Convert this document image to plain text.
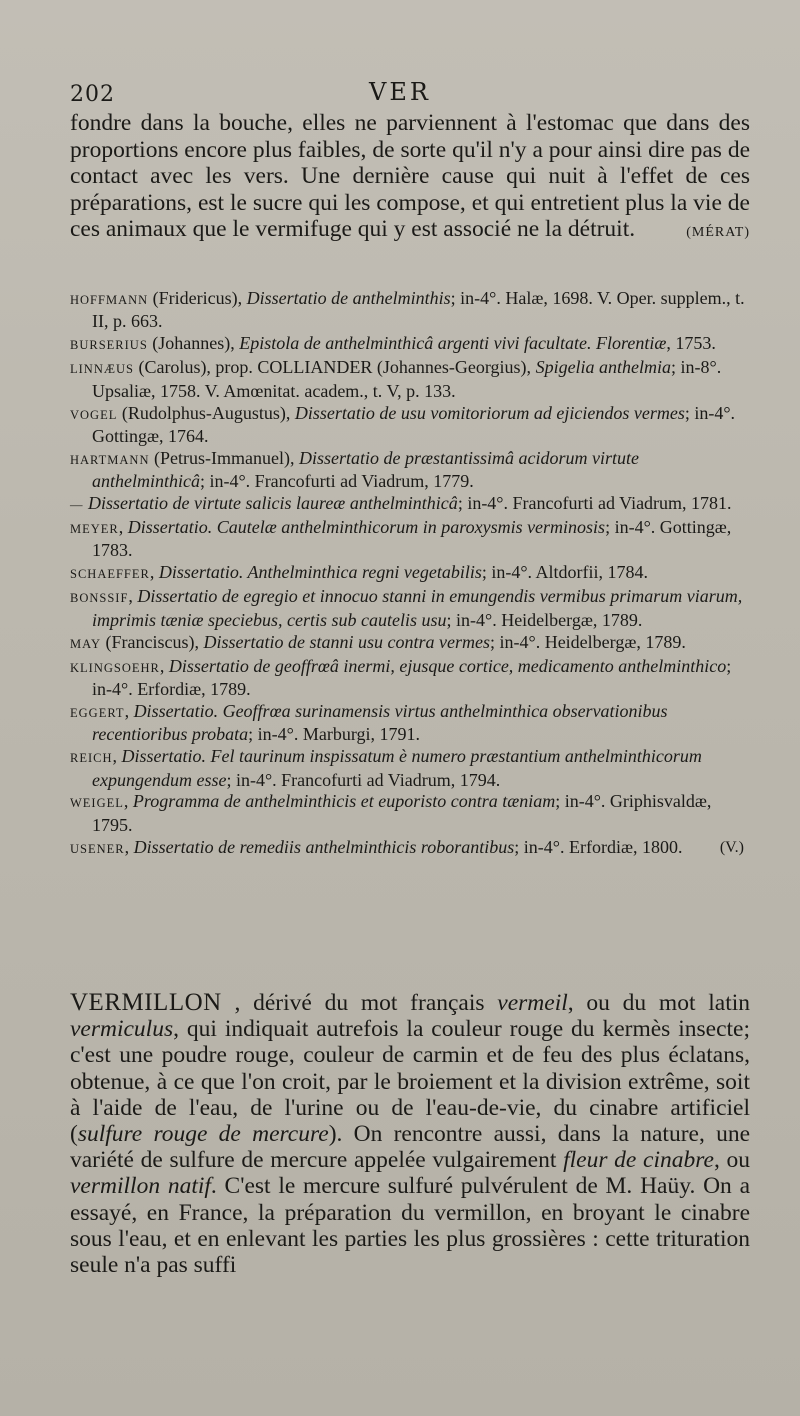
202	VER

fondre dans la bouche, elles ne parviennent à l'estomac que dans des proportions encore plus faibles, de sorte qu'il n'y a pour ainsi dire pas de contact avec les vers. Une dernière cause qui nuit à l'effet de ces préparations, est le sucre qui les compose, et qui entretient plus la vie de ces animaux que le vermifuge qui y est associé ne la détruit.	(MÉRAT)

HOFFMANN (Fridericus), Dissertatio de anthelminthis; in-4°. Halæ, 1698. V. Oper. supplem., t. II, p. 663.

BURSERIUS (Johannes), Epistola de anthelminthicâ argenti vivi facultate. Florentiæ, 1753.

LINNÆUS (Carolus), prop. COLLIANDER (Johannes-Georgius), Spigelia anthelmia; in-8°. Upsaliæ, 1758. V. Amœnitat. academ., t. V, p. 133.

VOGEL (Rudolphus-Augustus), Dissertatio de usu vomitoriorum ad ejiciendos vermes; in-4°. Gottingæ, 1764.

HARTMANN (Petrus-Immanuel), Dissertatio de præstantissimâ acidorum virtute anthelminthicâ; in-4°. Francofurti ad Viadrum, 1779.

— Dissertatio de virtute salicis laureæ anthelminthicâ; in-4°. Francofurti ad Viadrum, 1781.

MEYER, Dissertatio. Cautelæ anthelminthicorum in paroxysmis verminosis; in-4°. Gottingæ, 1783.

SCHAEFFER, Dissertatio. Anthelminthica regni vegetabilis; in-4°. Altdorfii, 1784.

BONSSIF, Dissertatio de egregio et innocuo stanni in emungendis vermibus primarum viarum, imprimis tæniæ speciebus, certis sub cautelis usu; in-4°. Heidelbergæ, 1789.

MAY (Franciscus), Dissertatio de stanni usu contra vermes; in-4°. Heidelbergæ, 1789.

KLINGSOEHR, Dissertatio de geoffrœâ inermi, ejusque cortice, medicamento anthelminthico; in-4°. Erfordiæ, 1789.

EGGERT, Dissertatio. Geoffrœa surinamensis virtus anthelminthica observationibus recentioribus probata; in-4°. Marburgi, 1791.

REICH, Dissertatio. Fel taurinum inspissatum è numero præstantium anthelminthicorum expungendum esse; in-4°. Francofurti ad Viadrum, 1794.

WEIGEL, Programma de anthelminthicis et euporisto contra tæniam; in-4°. Griphisvaldæ, 1795.

USENER, Dissertatio de remediis anthelminthicis roborantibus; in-4°. Erfordiæ, 1800. (V.)

VERMILLON , dérivé du mot français vermeil, ou du mot latin vermiculus, qui indiquait autrefois la couleur rouge du kermès insecte; c'est une poudre rouge, couleur de carmin et de feu des plus éclatans, obtenue, à ce que l'on croit, par le broiement et la division extrême, soit à l'aide de l'eau, de l'urine ou de l'eau-de-vie, du cinabre artificiel (sulfure rouge de mercure). On rencontre aussi, dans la nature, une variété de sulfure de mercure appelée vulgairement fleur de cinabre, ou vermillon natif. C'est le mercure sulfuré pulvérulent de M. Haüy. On a essayé, en France, la préparation du vermillon, en broyant le cinabre sous l'eau, et en enlevant les parties les plus grossières : cette trituration seule n'a pas suffi
